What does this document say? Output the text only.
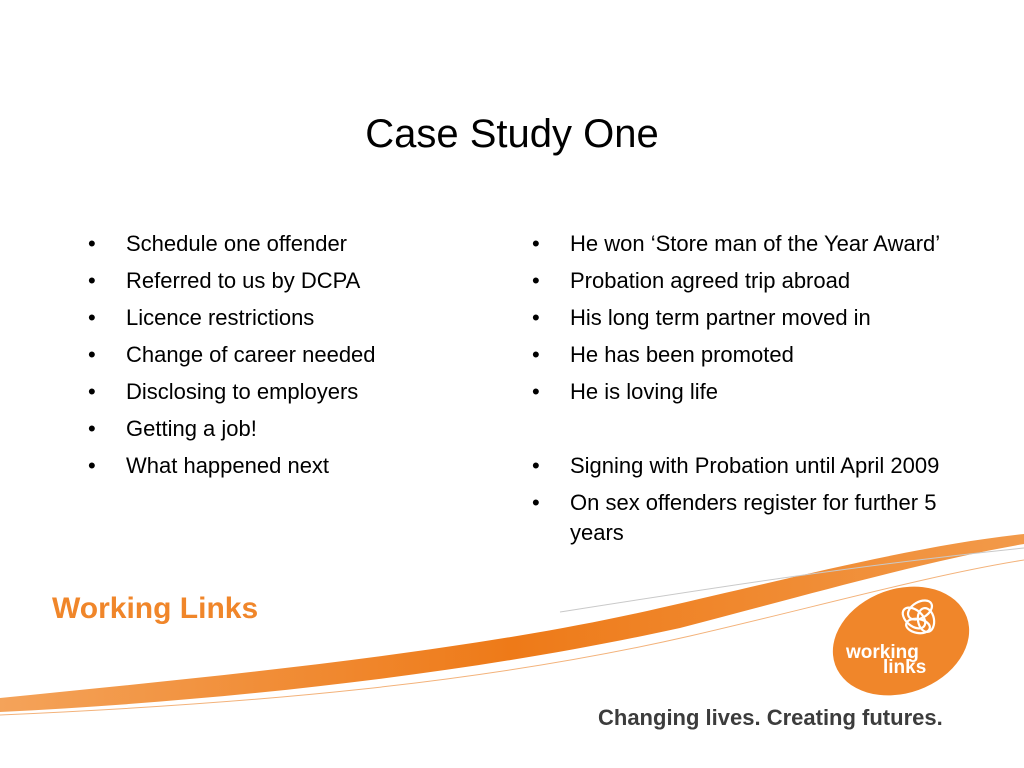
Case Study One
• Schedule one offender
• Referred to us by DCPA
• Licence restrictions
• Change of career needed
• Disclosing to employers
• Getting a job!
• What happened next
• He won ‘Store man of the Year Award’
• Probation agreed trip abroad
• His long term partner moved in
• He has been promoted
• He is loving life
• Signing with Probation until April 2009
• On sex offenders register for further 5 years
Working Links
working
links
Changing lives. Creating futures.
